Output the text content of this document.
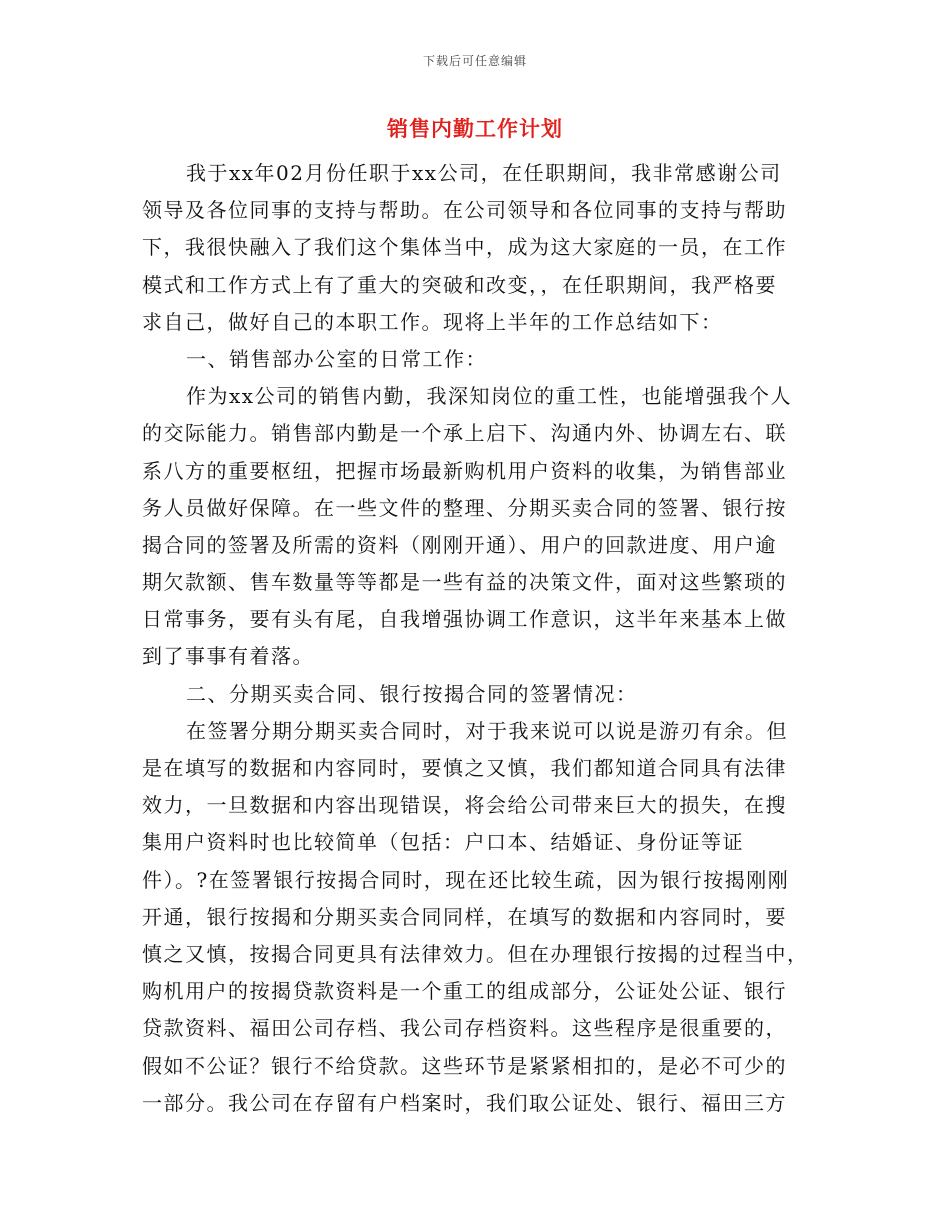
下载后可任意编辑
销售内勤工作计划
我于xx年02月份任职于xx公司，在任职期间，我非常感谢公司
领导及各位同事的支持与帮助。在公司领导和各位同事的支持与帮助
下，我很快融入了我们这个集体当中，成为这大家庭的一员，在工作
模式和工作方式上有了重大的突破和改变，，在任职期间，我严格要
求自己，做好自己的本职工作。现将上半年的工作总结如下：
一、销售部办公室的日常工作：
作为xx公司的销售内勤，我深知岗位的重工性，也能增强我个人
的交际能力。销售部内勤是一个承上启下、沟通内外、协调左右、联
系八方的重要枢纽，把握市场最新购机用户资料的收集，为销售部业
务人员做好保障。在一些文件的整理、分期买卖合同的签署、银行按
揭合同的签署及所需的资料（刚刚开通）、用户的回款进度、用户逾
期欠款额、售车数量等等都是一些有益的决策文件，面对这些繁琐的
日常事务，要有头有尾，自我增强协调工作意识，这半年来基本上做
到了事事有着落。
二、分期买卖合同、银行按揭合同的签署情况：
在签署分期分期买卖合同时，对于我来说可以说是游刃有余。但
是在填写的数据和内容同时，要慎之又慎，我们都知道合同具有法律
效力，一旦数据和内容出现错误，将会给公司带来巨大的损失，在搜
集用户资料时也比较简单（包括：户口本、结婚证、身份证等证
件）。?在签署银行按揭合同时，现在还比较生疏，因为银行按揭刚刚
开通，银行按揭和分期买卖合同同样，在填写的数据和内容同时，要
慎之又慎，按揭合同更具有法律效力。但在办理银行按揭的过程当中，
购机用户的按揭贷款资料是一个重工的组成部分，公证处公证、银行
贷款资料、福田公司存档、我公司存档资料。这些程序是很重要的，
假如不公证？银行不给贷款。这些环节是紧紧相扣的，是必不可少的
一部分。我公司在存留有户档案时，我们取公证处、银行、福田三方
